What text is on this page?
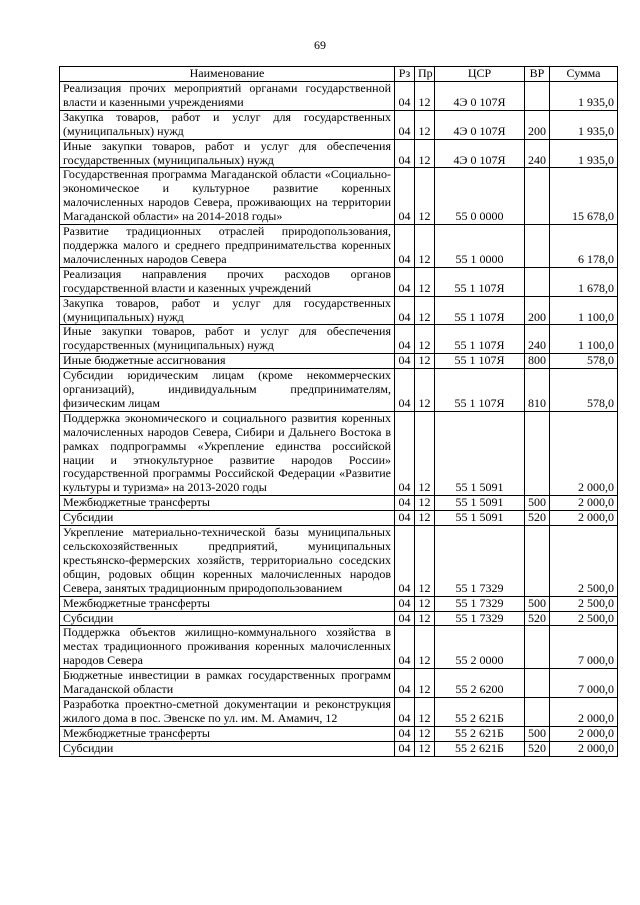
69
Наименование	Рз	Пр	ЦСР	ВР	Сумма
Реализация прочих мероприятий органами государственной власти и казенными учреждениями	04	12	4Э 0 107Я		1 935,0
Закупка товаров, работ и услуг для государственных (муниципальных) нужд	04	12	4Э 0 107Я	200	1 935,0
Иные закупки товаров, работ и услуг для обеспечения государственных (муниципальных) нужд	04	12	4Э 0 107Я	240	1 935,0
Государственная программа Магаданской области «Социально-экономическое и культурное развитие коренных малочисленных народов Севера, проживающих на территории Магаданской области» на 2014-2018 годы»	04	12	55 0 0000		15 678,0
Развитие традиционных отраслей природопользования, поддержка малого и среднего предпринимательства коренных малочисленных народов Севера	04	12	55 1 0000		6 178,0
Реализация направления прочих расходов органов государственной власти и казенных учреждений	04	12	55 1 107Я		1 678,0
Закупка товаров, работ и услуг для государственных (муниципальных) нужд	04	12	55 1 107Я	200	1 100,0
Иные закупки товаров, работ и услуг для обеспечения государственных (муниципальных) нужд	04	12	55 1 107Я	240	1 100,0
Иные бюджетные ассигнования	04	12	55 1 107Я	800	578,0
Субсидии юридическим лицам (кроме некоммерческих организаций), индивидуальным предпринимателям, физическим лицам	04	12	55 1 107Я	810	578,0
Поддержка экономического и социального развития коренных малочисленных народов Севера, Сибири и Дальнего Востока в рамках подпрограммы «Укрепление единства российской нации и этнокультурное развитие народов России» государственной программы Российской Федерации «Развитие культуры и туризма» на 2013-2020 годы	04	12	55 1 5091		2 000,0
Межбюджетные трансферты	04	12	55 1 5091	500	2 000,0
Субсидии	04	12	55 1 5091	520	2 000,0
Укрепление материально-технической базы муниципальных сельскохозяйственных предприятий, муниципальных крестьянско-фермерских хозяйств, территориально соседских общин, родовых общин коренных малочисленных народов Севера, занятых традиционным природопользованием	04	12	55 1 7329		2 500,0
Межбюджетные трансферты	04	12	55 1 7329	500	2 500,0
Субсидии	04	12	55 1 7329	520	2 500,0
Поддержка объектов жилищно-коммунального хозяйства в местах традиционного проживания коренных малочисленных народов Севера	04	12	55 2 0000		7 000,0
Бюджетные инвестиции в рамках государственных программ Магаданской области	04	12	55 2 6200		7 000,0
Разработка проектно-сметной документации и реконструкция жилого дома в пос. Эвенске по ул. им. М. Амамич, 12	04	12	55 2 621Б		2 000,0
Межбюджетные трансферты	04	12	55 2 621Б	500	2 000,0
Субсидии	04	12	55 2 621Б	520	2 000,0
